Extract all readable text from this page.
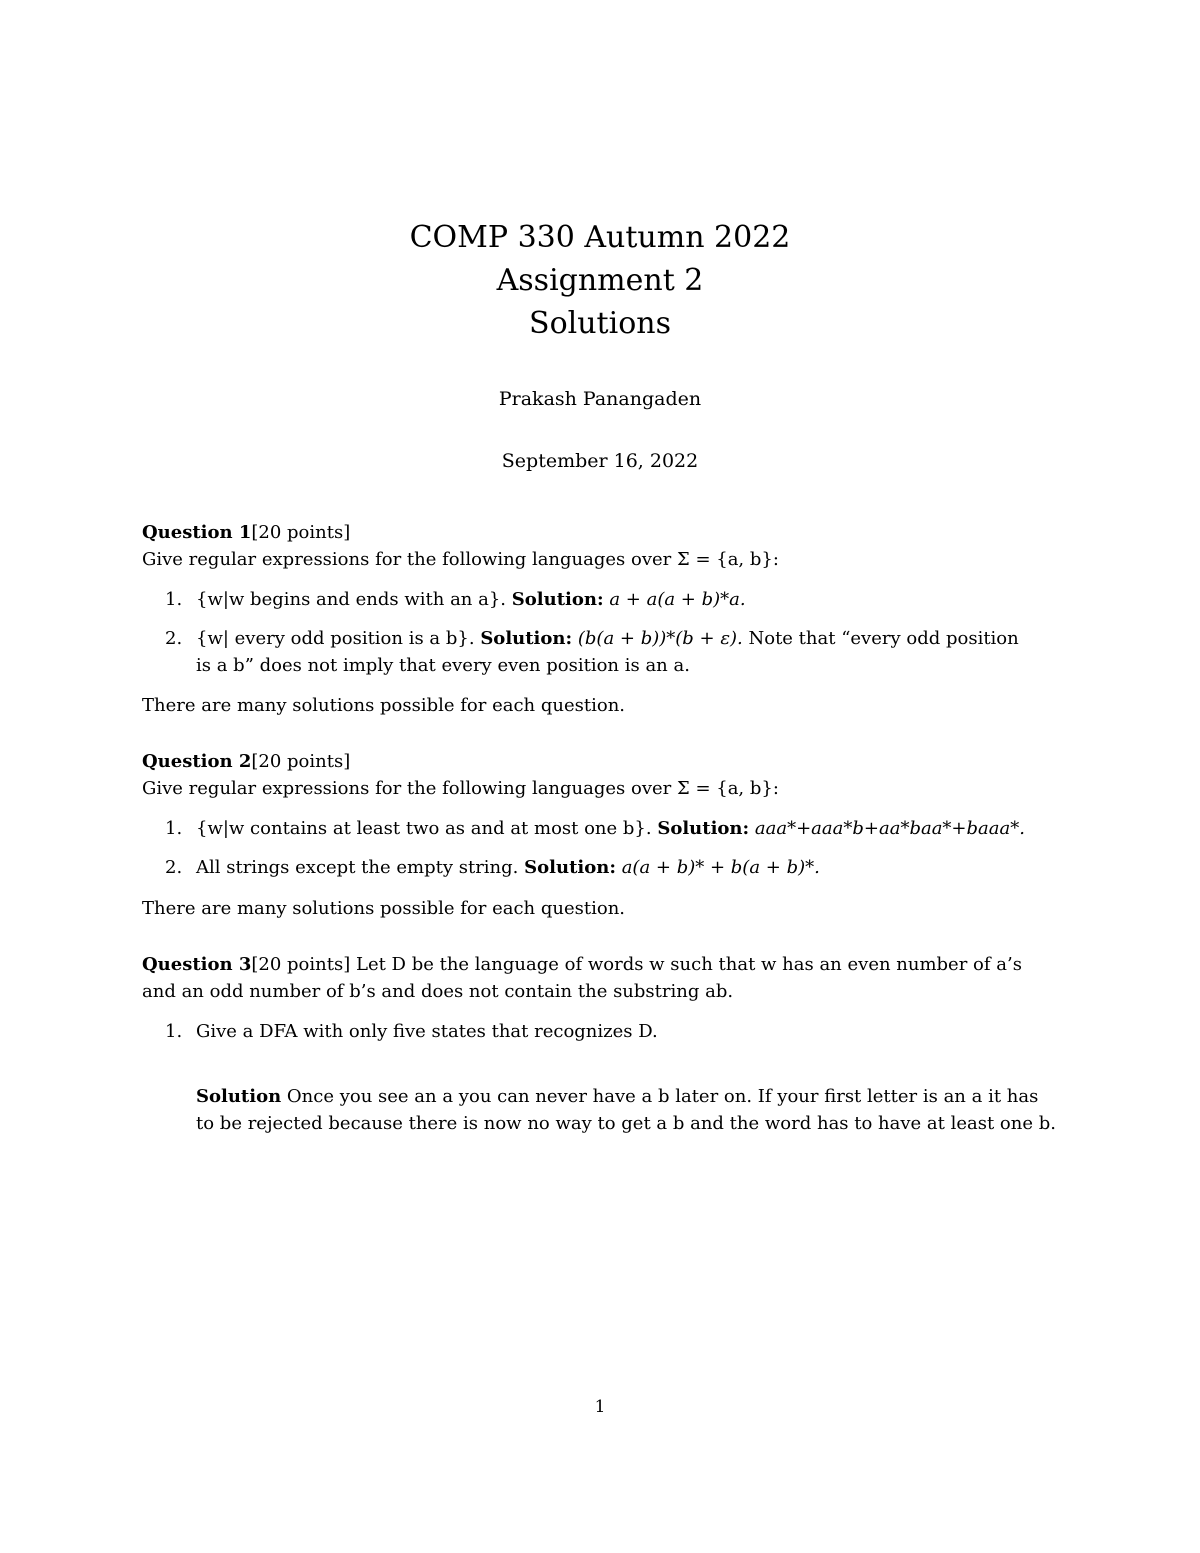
COMP 330 Autumn 2022
Assignment 2
Solutions
Prakash Panangaden
September 16, 2022
Question 1[20 points]
Give regular expressions for the following languages over Σ = {a, b}:
1. {w|w begins and ends with an a}. Solution: a + a(a + b)*a.
2. {w| every odd position is a b}. Solution: (b(a + b))*(b + ε). Note that “every odd position
is a b” does not imply that every even position is an a.
There are many solutions possible for each question.
Question 2[20 points]
Give regular expressions for the following languages over Σ = {a, b}:
1. {w|w contains at least two as and at most one b}. Solution: aaa*+aaa*b+aa*baa*+baaa*.
2. All strings except the empty string. Solution: a(a + b)* + b(a + b)*.
There are many solutions possible for each question.
Question 3[20 points] Let D be the language of words w such that w has an even number of a’s
and an odd number of b’s and does not contain the substring ab.
1. Give a DFA with only five states that recognizes D.
Solution Once you see an a you can never have a b later on. If your first letter is an a it has
to be rejected because there is now no way to get a b and the word has to have at least one b.
1
